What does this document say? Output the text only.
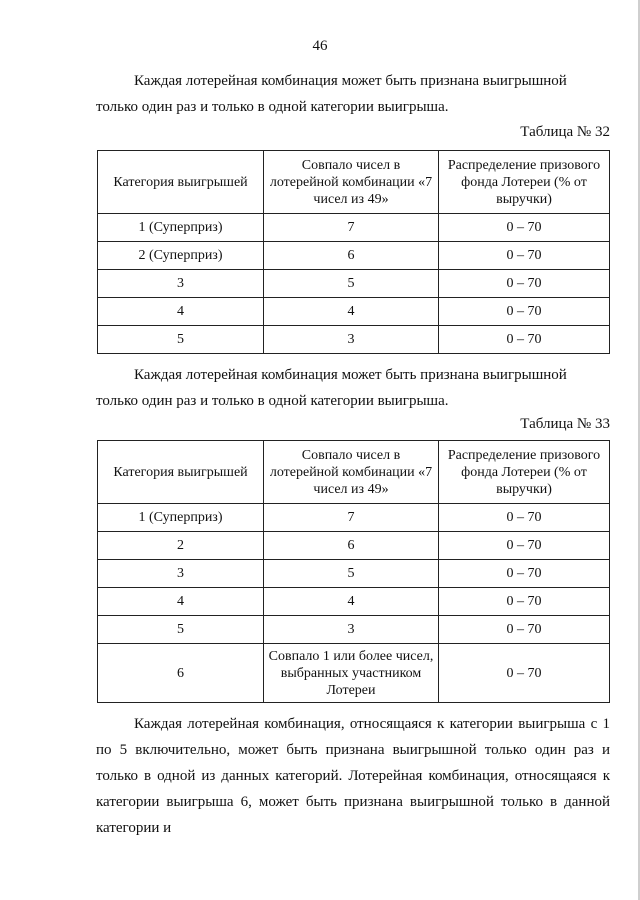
46

Каждая лотерейная комбинация может быть признана выигрышной только один раз и только в одной категории выигрыша.

Таблица № 32
Категория выигрышей	Совпало чисел в лотерейной комбинации «7 чисел из 49»	Распределение призового фонда Лотереи (% от выручки)
1 (Суперприз)	7	0 – 70
2 (Суперприз)	6	0 – 70
3	5	0 – 70
4	4	0 – 70
5	3	0 – 70

Каждая лотерейная комбинация может быть признана выигрышной только один раз и только в одной категории выигрыша.

Таблица № 33
Категория выигрышей	Совпало чисел в лотерейной комбинации «7 чисел из 49»	Распределение призового фонда Лотереи (% от выручки)
1 (Суперприз)	7	0 – 70
2	6	0 – 70
3	5	0 – 70
4	4	0 – 70
5	3	0 – 70
6	Совпало 1 или более чисел, выбранных участником Лотереи	0 – 70

Каждая лотерейная комбинация, относящаяся к категории выигрыша с 1 по 5 включительно, может быть признана выигрышной только один раз и только в одной из данных категорий. Лотерейная комбинация, относящаяся к категории выигрыша 6, может быть признана выигрышной только в данной категории и
